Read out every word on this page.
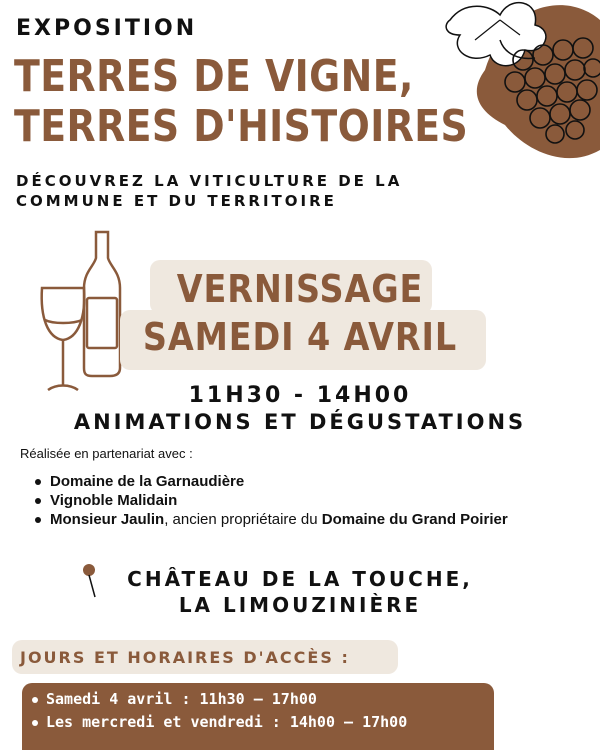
EXPOSITION
TERRES DE VIGNE,
TERRES D'HISTOIRES
DÉCOUVREZ LA VITICULTURE DE LA
COMMUNE ET DU TERRITOIRE
VERNISSAGE
SAMEDI 4 AVRIL
11H30 - 14H00
ANIMATIONS ET DÉGUSTATIONS
Réalisée en partenariat avec :
Domaine de la Garnaudière
Vignoble Malidain
Monsieur Jaulin, ancien propriétaire du Domaine du Grand Poirier
CHÂTEAU DE LA TOUCHE,
LA LIMOUZINIÈRE
JOURS ET HORAIRES D'ACCÈS :
Samedi 4 avril : 11h30 – 17h00
Les mercredi et vendredi : 14h00 – 17h00
